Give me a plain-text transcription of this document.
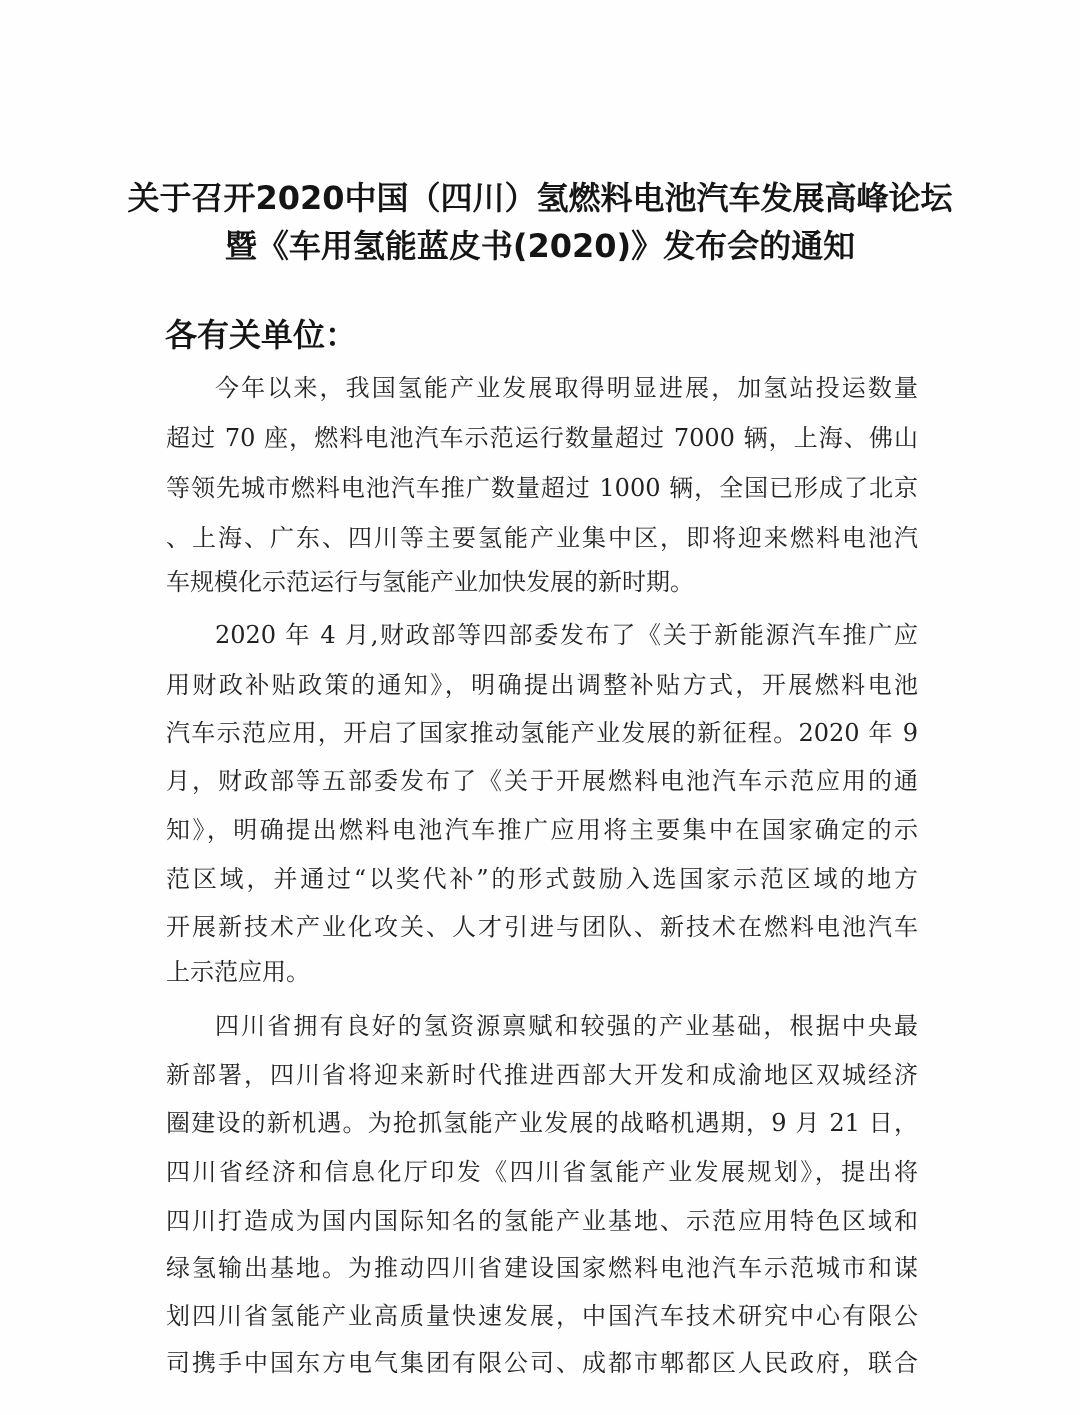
关于召开2020中国（四川）氢燃料电池汽车发展高峰论坛
暨《车用氢能蓝皮书(2020)》发布会的通知
各有关单位：
今年以来，我国氢能产业发展取得明显进展，加氢站投运数量
超过 70 座，燃料电池汽车示范运行数量超过 7000 辆，上海、佛山
等领先城市燃料电池汽车推广数量超过 1000 辆，全国已形成了北京
、上海、广东、四川等主要氢能产业集中区，即将迎来燃料电池汽
车规模化示范运行与氢能产业加快发展的新时期。
2020 年 4 月,财政部等四部委发布了《关于新能源汽车推广应
用财政补贴政策的通知》，明确提出调整补贴方式，开展燃料电池
汽车示范应用，开启了国家推动氢能产业发展的新征程。2020 年 9
月，财政部等五部委发布了《关于开展燃料电池汽车示范应用的通
知》，明确提出燃料电池汽车推广应用将主要集中在国家确定的示
范区域，并通过“以奖代补”的形式鼓励入选国家示范区域的地方
开展新技术产业化攻关、人才引进与团队、新技术在燃料电池汽车
上示范应用。
四川省拥有良好的氢资源禀赋和较强的产业基础，根据中央最
新部署，四川省将迎来新时代推进西部大开发和成渝地区双城经济
圈建设的新机遇。为抢抓氢能产业发展的战略机遇期，9 月 21 日，
四川省经济和信息化厅印发《四川省氢能产业发展规划》，提出将
四川打造成为国内国际知名的氢能产业基地、示范应用特色区域和
绿氢输出基地。为推动四川省建设国家燃料电池汽车示范城市和谋
划四川省氢能产业高质量快速发展，中国汽车技术研究中心有限公
司携手中国东方电气集团有限公司、成都市郫都区人民政府，联合
